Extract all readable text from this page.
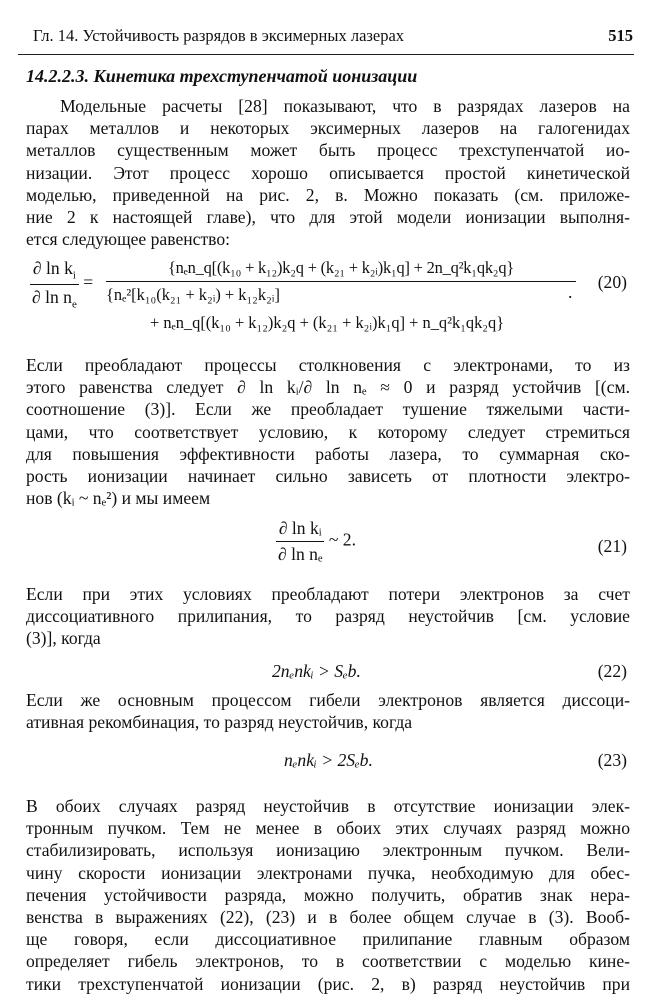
Гл. 14. Устойчивость разрядов в эксимерных лазерах	515
14.2.2.3. Кинетика трехступенчатой ионизации
Модельные расчеты [28] показывают, что в разрядах лазеров на
парах металлов и некоторых эксимерных лазеров на галогенидах
металлов существенным может быть процесс трехступенчатой ио-
низации. Этот процесс хорошо описывается простой кинетической
моделью, приведенной на рис. 2, в. Можно показать (см. приложе-
ние 2 к настоящей главе), что для этой модели ионизации выполня-
ется следующее равенство:
$\frac{\partial \ln k_i}{\partial \ln n_e}$ =
{nₑn_q[(k₁₀ + k₁₂)k₂q + (k₂₁ + k₂ᵢ)k₁q] + 2n_q²k₁qk₂q}
{nₑ²[k₁₀(k₂₁ + k₂ᵢ) + k₁₂k₂ᵢ]	.
+ nₑn_q[(k₁₀ + k₁₂)k₂q + (k₂₁ + k₂ᵢ)k₁q] + n_q²k₁qk₂q}
(20)
Если преобладают процессы столкновения с электронами, то из
этого равенства следует ∂ ln kᵢ/∂ ln nₑ ≈ 0 и разряд устойчив [(см.
соотношение (3)]. Если же преобладает тушение тяжелыми части-
цами, что соответствует условию, к которому следует стремиться
для повышения эффективности работы лазера, то суммарная ско-
рость ионизации начинает сильно зависеть от плотности электро-
нов (kᵢ ~ nₑ²) и мы имеем
$\frac{\text{∂ ln kᵢ}}{\text{∂ ln nₑ}}$ ~ 2.	(21)
Если при этих условиях преобладают потери электронов за счет
диссоциативного прилипания, то разряд неустойчив [см. условие
(3)], когда
2nₑnkᵢ > Sₑb.	(22)
Если же основным процессом гибели электронов является диссоци-
ативная рекомбинация, то разряд неустойчив, когда
nₑnkᵢ > 2Sₑb.	(23)
В обоих случаях разряд неустойчив в отсутствие ионизации элек-
тронным пучком. Тем не менее в обоих этих случаях разряд можно
стабилизировать, используя ионизацию электронным пучком. Вели-
чину скорости ионизации электронами пучка, необходимую для обес-
печения устойчивости разряда, можно получить, обратив знак нера-
венства в выражениях (22), (23) и в более общем случае в (3). Вооб-
ще говоря, если диссоциативное прилипание главным образом
определяет гибель электронов, то в соответствии с моделью кине-
тики трехступенчатой ионизации (рис. 2, в) разряд неустойчив при
